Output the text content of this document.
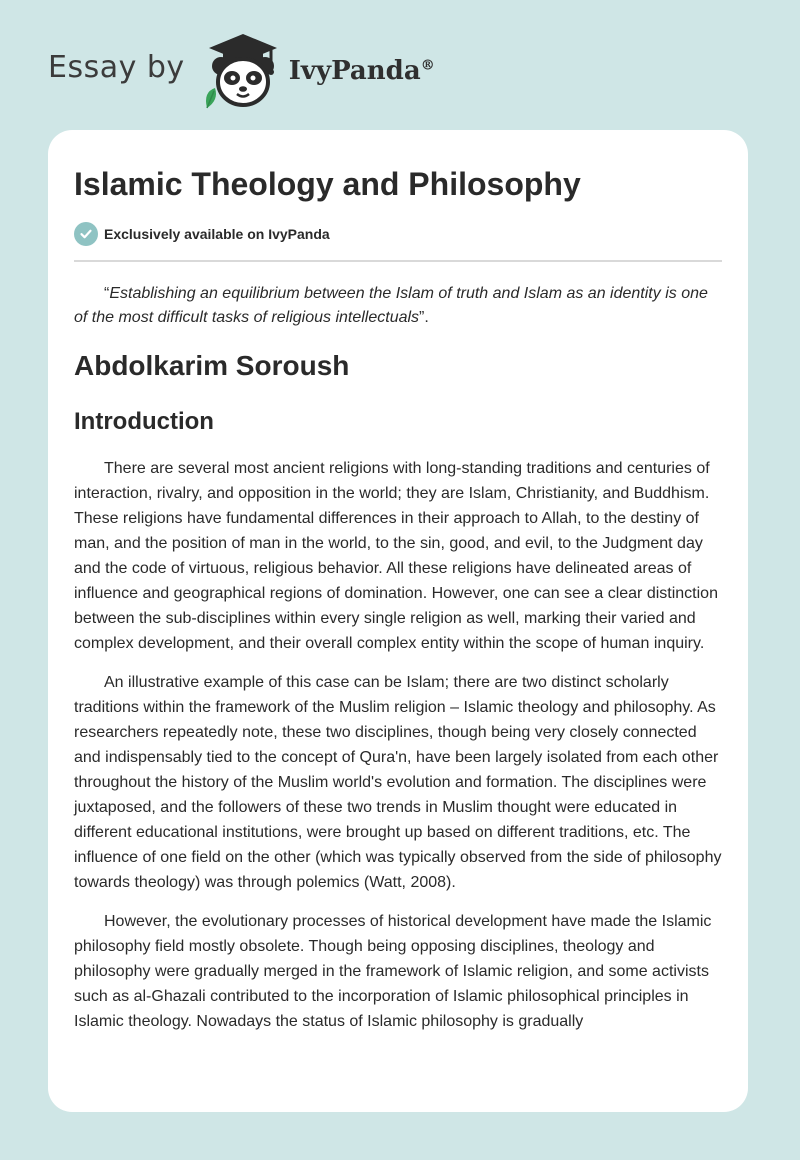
Essay by	IvyPanda®
Islamic Theology and Philosophy
Exclusively available on IvyPanda

“Establishing an equilibrium between the Islam of truth and Islam as an identity is one of the most difficult tasks of religious intellectuals”.

Abdolkarim Soroush
Introduction

There are several most ancient religions with long-standing traditions and centuries of interaction, rivalry, and opposition in the world; they are Islam, Christianity, and Buddhism. These religions have fundamental differences in their approach to Allah, to the destiny of man, and the position of man in the world, to the sin, good, and evil, to the Judgment day and the code of virtuous, religious behavior. All these religions have delineated areas of influence and geographical regions of domination. However, one can see a clear distinction between the sub-disciplines within every single religion as well, marking their varied and complex development, and their overall complex entity within the scope of human inquiry.

An illustrative example of this case can be Islam; there are two distinct scholarly traditions within the framework of the Muslim religion – Islamic theology and philosophy. As researchers repeatedly note, these two disciplines, though being very closely connected and indispensably tied to the concept of Qura'n, have been largely isolated from each other throughout the history of the Muslim world's evolution and formation. The disciplines were juxtaposed, and the followers of these two trends in Muslim thought were educated in different educational institutions, were brought up based on different traditions, etc. The influence of one field on the other (which was typically observed from the side of philosophy towards theology) was through polemics (Watt, 2008).

However, the evolutionary processes of historical development have made the Islamic philosophy field mostly obsolete. Though being opposing disciplines, theology and philosophy were gradually merged in the framework of Islamic religion, and some activists such as al-Ghazali contributed to the incorporation of Islamic philosophical principles in Islamic theology. Nowadays the status of Islamic philosophy is gradually
